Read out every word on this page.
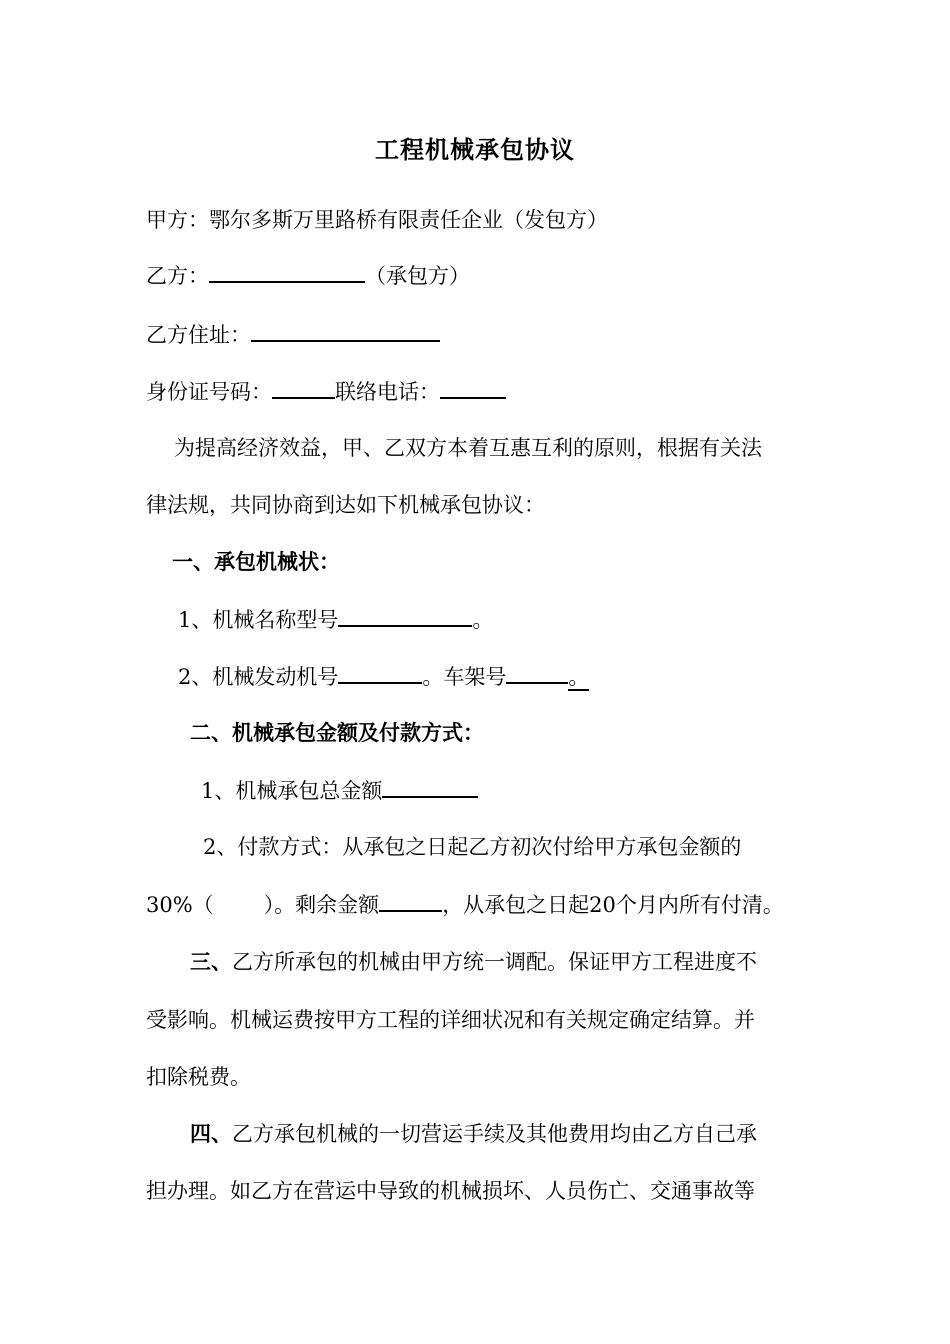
工程机械承包协议
甲方：鄂尔多斯万里路桥有限责任企业（发包方）
乙方：	（承包方）
乙方住址：
身份证号码：	联络电话：
为提高经济效益，甲、乙双方本着互惠互利的原则，根据有关法
律法规，共同协商到达如下机械承包协议：
一、承包机械状：
1、机械名称型号	。
2、机械发动机号	。车架号	。
二、机械承包金额及付款方式：
1、机械承包总金额
2、付款方式：从承包之日起乙方初次付给甲方承包金额的
30%（ ）。剩余金额	，从承包之日起20个月内所有付清。
三、乙方所承包的机械由甲方统一调配。保证甲方工程进度不
受影响。机械运费按甲方工程的详细状况和有关规定确定结算。并
扣除税费。
四、乙方承包机械的一切营运手续及其他费用均由乙方自己承
担办理。如乙方在营运中导致的机械损坏、人员伤亡、交通事故等
